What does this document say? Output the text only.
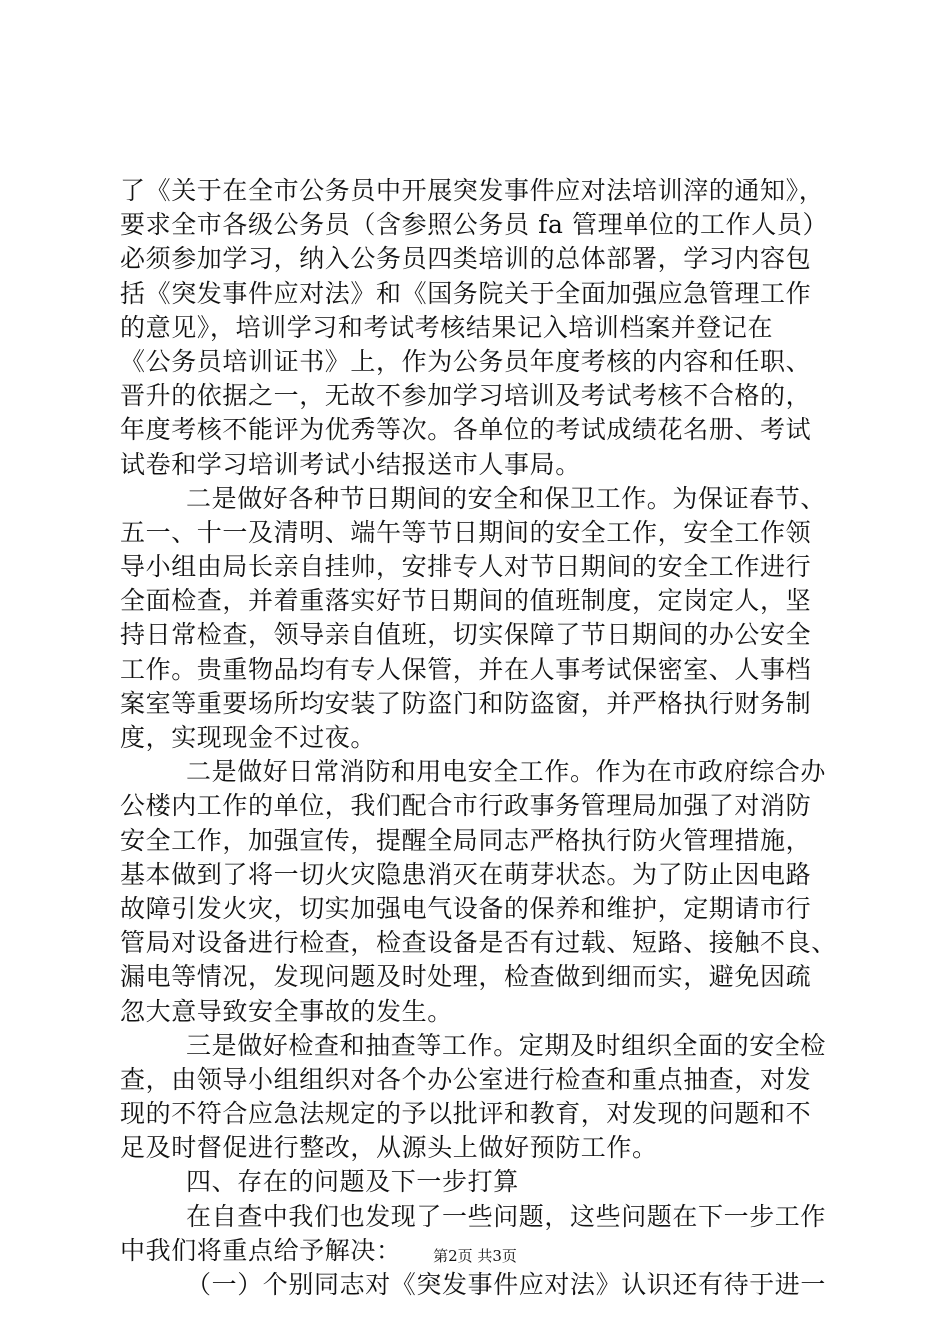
了《关于在全市公务员中开展突发事件应对法培训滓的通知》，
要求全市各级公务员（含参照公务员 fa 管理单位的工作人员）
必须参加学习，纳入公务员四类培训的总体部署，学习内容包
括《突发事件应对法》和《国务院关于全面加强应急管理工作
的意见》，培训学习和考试考核结果记入培训档案并登记在
《公务员培训证书》上，作为公务员年度考核的内容和任职、
晋升的依据之一，无故不参加学习培训及考试考核不合格的，
年度考核不能评为优秀等次。各单位的考试成绩花名册、考试
试卷和学习培训考试小结报送市人事局。
二是做好各种节日期间的安全和保卫工作。为保证春节、
五一、十一及清明、端午等节日期间的安全工作，安全工作领
导小组由局长亲自挂帅，安排专人对节日期间的安全工作进行
全面检查，并着重落实好节日期间的值班制度，定岗定人，坚
持日常检查，领导亲自值班，切实保障了节日期间的办公安全
工作。贵重物品均有专人保管，并在人事考试保密室、人事档
案室等重要场所均安装了防盗门和防盗窗，并严格执行财务制
度，实现现金不过夜。
二是做好日常消防和用电安全工作。作为在市政府综合办
公楼内工作的单位，我们配合市行政事务管理局加强了对消防
安全工作，加强宣传，提醒全局同志严格执行防火管理措施，
基本做到了将一切火灾隐患消灭在萌芽状态。为了防止因电路
故障引发火灾，切实加强电气设备的保养和维护，定期请市行
管局对设备进行检查，检查设备是否有过载、短路、接触不良、
漏电等情况，发现问题及时处理，检查做到细而实，避免因疏
忽大意导致安全事故的发生。
三是做好检查和抽查等工作。定期及时组织全面的安全检
查，由领导小组组织对各个办公室进行检查和重点抽查，对发
现的不符合应急法规定的予以批评和教育，对发现的问题和不
足及时督促进行整改，从源头上做好预防工作。
四、存在的问题及下一步打算
在自查中我们也发现了一些问题，这些问题在下一步工作
中我们将重点给予解决：
（一）个别同志对《突发事件应对法》认识还有待于进一
第2页 共3页
